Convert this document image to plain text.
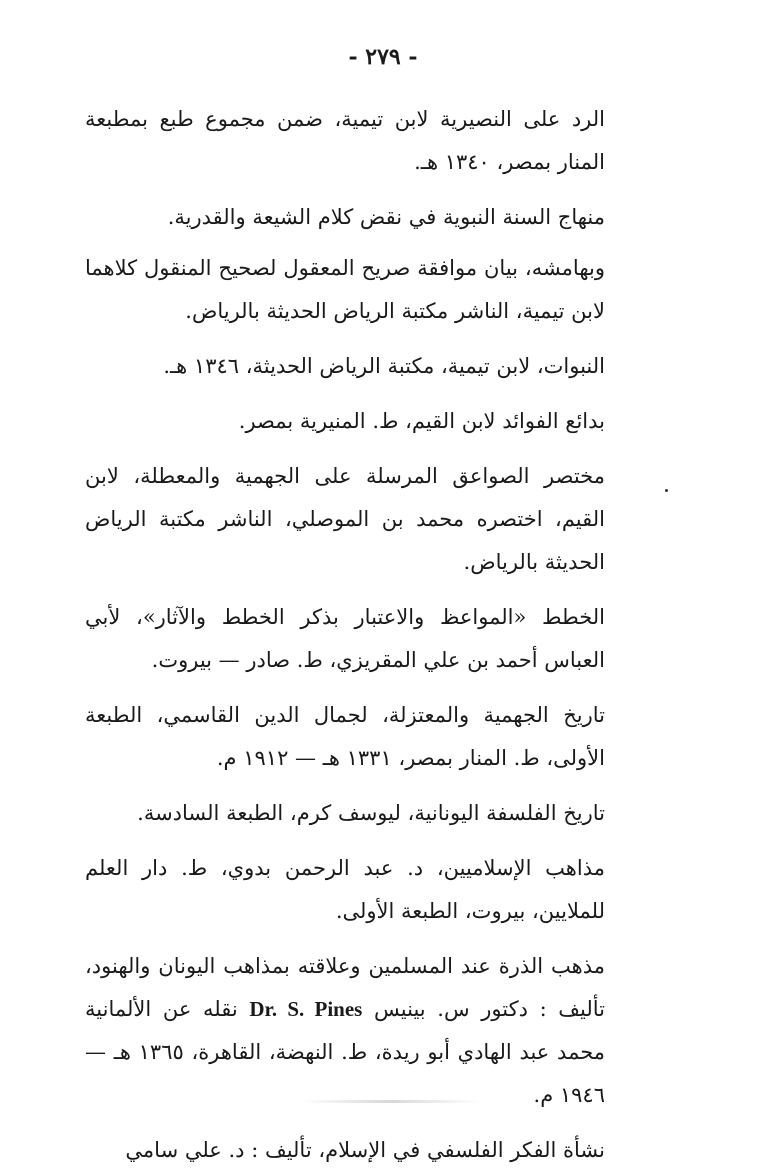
- ٢٧٩ -

الرد على النصيرية لابن تيمية، ضمن مجموع طبع بمطبعة المنار بمصر، ١٣٤٠ هـ.

منهاج السنة النبوية في نقض كلام الشيعة والقدرية.

وبهامشه، بيان موافقة صريح المعقول لصحيح المنقول كلاهما لابن تيمية، الناشر مكتبة الرياض الحديثة بالرياض.

النبوات، لابن تيمية، مكتبة الرياض الحديثة، ١٣٤٦ هـ.

بدائع الفوائد لابن القيم، ط. المنيرية بمصر.

مختصر الصواعق المرسلة على الجهمية والمعطلة، لابن القيم، اختصره محمد بن الموصلي، الناشر مكتبة الرياض الحديثة بالرياض.

الخطط «المواعظ والاعتبار بذكر الخطط والآثار»، لأبي العباس أحمد بن علي المقريزي، ط. صادر — بيروت.

تاريخ الجهمية والمعتزلة، لجمال الدين القاسمي، الطبعة الأولى، ط. المنار بمصر، ١٣٣١ هـ — ١٩١٢ م.

تاريخ الفلسفة اليونانية، ليوسف كرم، الطبعة السادسة.

مذاهب الإسلاميين، د. عبد الرحمن بدوي، ط. دار العلم للملايين، بيروت، الطبعة الأولى.

مذهب الذرة عند المسلمين وعلاقته بمذاهب اليونان والهنود، تأليف : دكتور س. بينيس Dr. S. Pines نقله عن الألمانية محمد عبد الهادي أبو ريدة، ط. النهضة، القاهرة، ١٣٦٥ هـ — ١٩٤٦ م.

نشأة الفكر الفلسفي في الإسلام، تأليف : د. علي سامي
